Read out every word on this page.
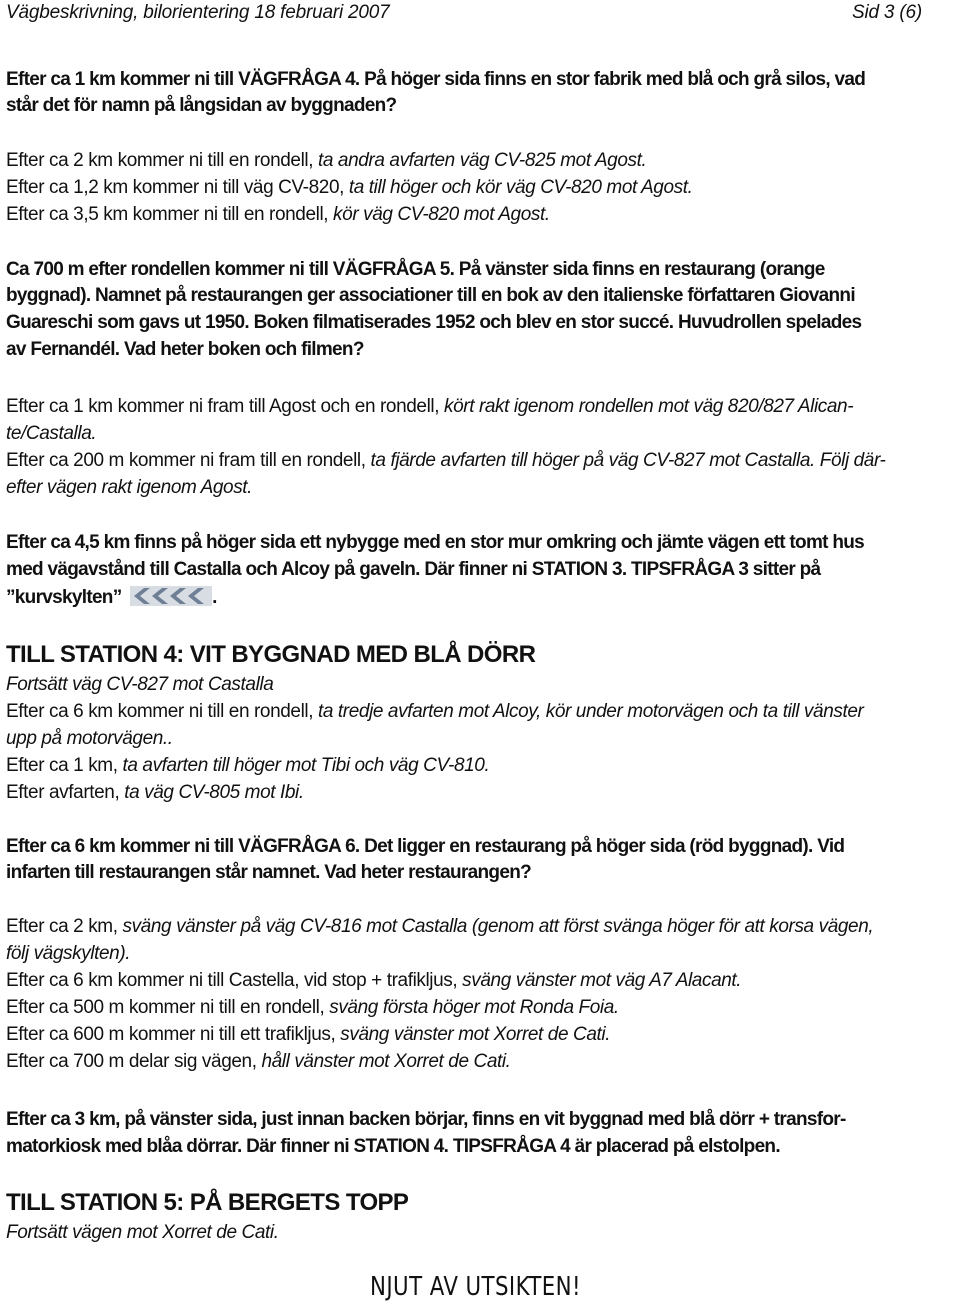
Vägbeskrivning, bilorientering 18 februari 2007	Sid 3 (6)
Efter ca 1 km kommer ni till VÄGFRÅGA 4. På höger sida finns en stor fabrik med blå och grå silos, vad
står det för namn på långsidan av byggnaden?
Efter ca 2 km kommer ni till en rondell, ta andra avfarten väg CV-825 mot Agost.
Efter ca 1,2 km kommer ni till väg CV-820, ta till höger och kör väg CV-820 mot Agost.
Efter ca 3,5 km kommer ni till en rondell, kör väg CV-820 mot Agost.
Ca 700 m efter rondellen kommer ni till VÄGFRÅGA 5. På vänster sida finns en restaurang (orange
byggnad). Namnet på restaurangen ger associationer till en bok av den italienske författaren Giovanni
Guareschi som gavs ut 1950. Boken filmatiserades 1952 och blev en stor succé. Huvudrollen spelades
av Fernandél. Vad heter boken och filmen?
Efter ca 1 km kommer ni fram till Agost och en rondell, kört rakt igenom rondellen mot väg 820/827 Alican-
te/Castalla.
Efter ca 200 m kommer ni fram till en rondell, ta fjärde avfarten till höger på väg CV-827 mot Castalla. Följ där-
efter vägen rakt igenom Agost.
Efter ca 4,5 km finns på höger sida ett nybygge med en stor mur omkring och jämte vägen ett tomt hus
med vägavstånd till Castalla och Alcoy på gaveln. Där finner ni STATION 3. TIPSFRÅGA 3 sitter på
”kurvskylten”	.
TILL STATION 4: VIT BYGGNAD MED BLÅ DÖRR
Fortsätt väg CV-827 mot Castalla
Efter ca 6 km kommer ni till en rondell, ta tredje avfarten mot Alcoy, kör under motorvägen och ta till vänster
upp på motorvägen..
Efter ca 1 km, ta avfarten till höger mot Tibi och väg CV-810.
Efter avfarten, ta väg CV-805 mot Ibi.
Efter ca 6 km kommer ni till VÄGFRÅGA 6. Det ligger en restaurang på höger sida (röd byggnad). Vid
infarten till restaurangen står namnet. Vad heter restaurangen?
Efter ca 2 km, sväng vänster på väg CV-816 mot Castalla (genom att först svänga höger för att korsa vägen,
följ vägskylten).
Efter ca 6 km kommer ni till Castella, vid stop + trafikljus, sväng vänster mot väg A7 Alacant.
Efter ca 500 m kommer ni till en rondell, sväng första höger mot Ronda Foia.
Efter ca 600 m kommer ni till ett trafikljus, sväng vänster mot Xorret de Cati.
Efter ca 700 m delar sig vägen, håll vänster mot Xorret de Cati.
Efter ca 3 km, på vänster sida, just innan backen börjar, finns en vit byggnad med blå dörr + transfor-
matorkiosk med blåa dörrar. Där finner ni STATION 4. TIPSFRÅGA 4 är placerad på elstolpen.
TILL STATION 5: PÅ BERGETS TOPP
Fortsätt vägen mot Xorret de Cati.
NJUT AV UTSIKTEN!
